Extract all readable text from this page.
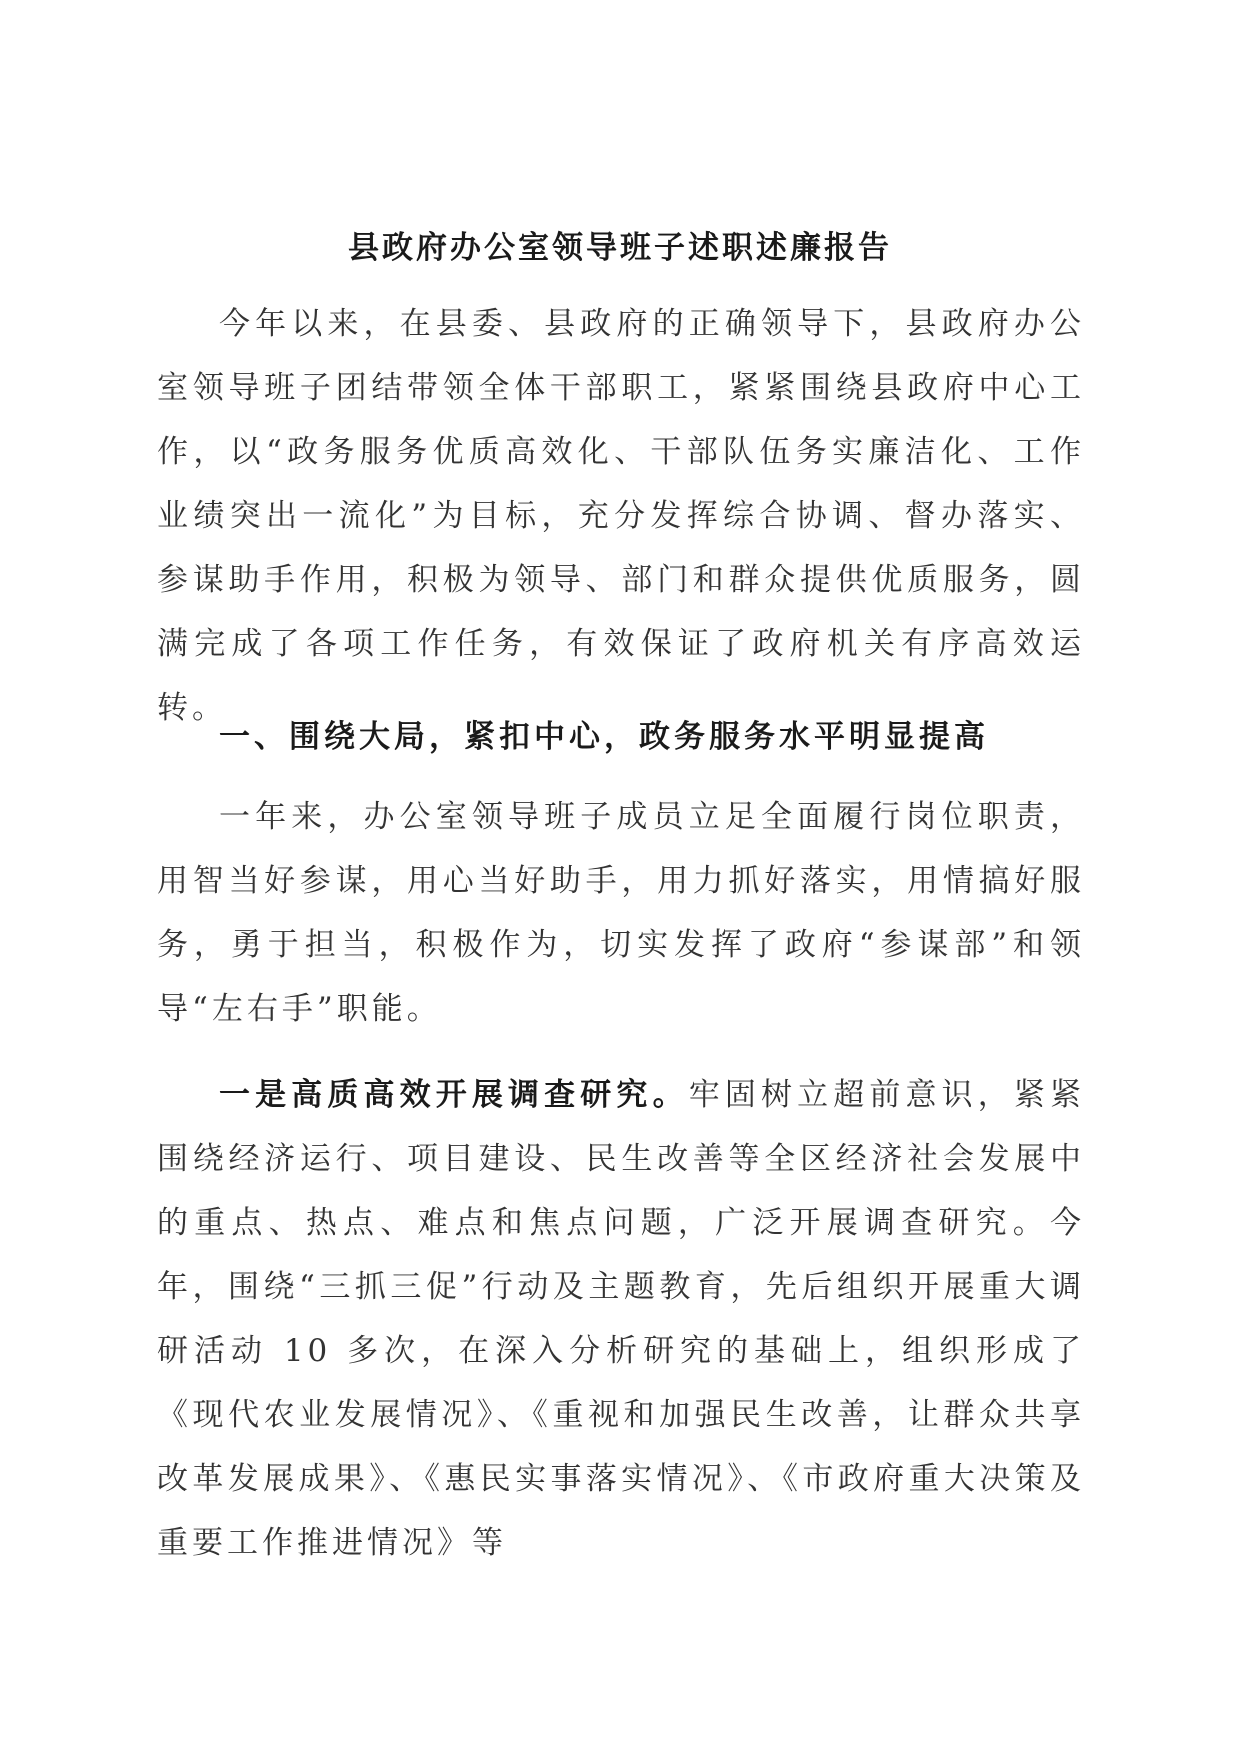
县政府办公室领导班子述职述廉报告

今年以来，在县委、县政府的正确领导下，县政府办公室领导班子团结带领全体干部职工，紧紧围绕县政府中心工作，以“政务服务优质高效化、干部队伍务实廉洁化、工作业绩突出一流化”为目标，充分发挥综合协调、督办落实、参谋助手作用，积极为领导、部门和群众提供优质服务，圆满完成了各项工作任务，有效保证了政府机关有序高效运转。

一、围绕大局，紧扣中心，政务服务水平明显提高

一年来，办公室领导班子成员立足全面履行岗位职责，用智当好参谋，用心当好助手，用力抓好落实，用情搞好服务，勇于担当，积极作为，切实发挥了政府“参谋部”和领导“左右手”职能。

一是高质高效开展调查研究。牢固树立超前意识，紧紧围绕经济运行、项目建设、民生改善等全区经济社会发展中的重点、热点、难点和焦点问题，广泛开展调查研究。今年，围绕“三抓三促”行动及主题教育，先后组织开展重大调研活动 10 多次，在深入分析研究的基础上，组织形成了《现代农业发展情况》、《重视和加强民生改善，让群众共享改革发展成果》、《惠民实事落实情况》、《市政府重大决策及重要工作推进情况》等
